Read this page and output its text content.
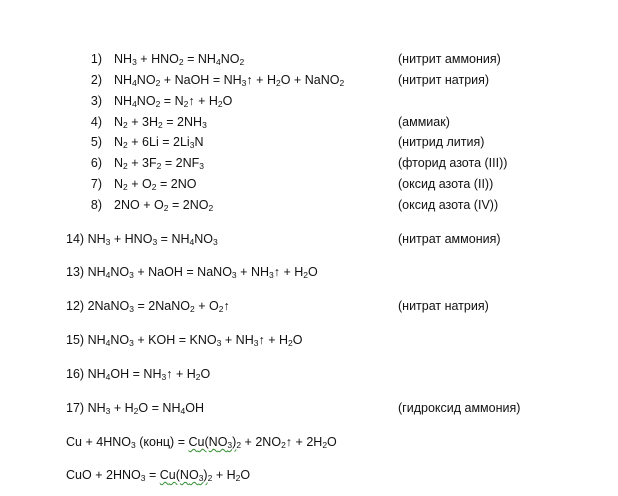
1) $NH_3 + HNO_2 = NH_4NO_2$	(нитрит аммония)
2) $NH_4NO_2$ + NaOH = $NH_3↑ + H_2O$ + NaNO$_2$	(нитрит натрия)
3) $NH_4NO_2$ = $N_2↑ + H_2O$
4) $N_2 + 3H_2 = 2NH_3$	(аммиак)
5) $N_2 + 6Li = 2Li_3N$	(нитрид лития)
6) $N_2 + 3F_2 = 2NF_3$	(фторид азота (III))
7) $N_2 + O_2 = 2NO$	(оксид азота (II))
8) $2NO + O_2 = 2NO_2$	(оксид азота (IV))
14) $NH_3 + HNO_3 = NH_4NO_3$	(нитрат аммония)
13) $NH_4NO_3$ + NaOH = NaNO$_3$ + $NH_3↑ + H_2O$
12) 2NaNO$_3$ = 2NaNO$_2$ + $O_2↑$	(нитрат натрия)
15) $NH_4NO_3$ + KOH = $KNO_3$ + $NH_3↑ + H_2O$
16) $NH_4OH$ = $NH_3↑ + H_2O$
17) $NH_3 + H_2O = NH_4OH$	(гидроксид аммония)
$Cu + 4HNO_3$ (конц) = $Cu(NO_3)_2$ + $2NO_2↑ + 2H_2O$
CuO + $2HNO_3 = Cu(NO_3)_2 + H_2O$
